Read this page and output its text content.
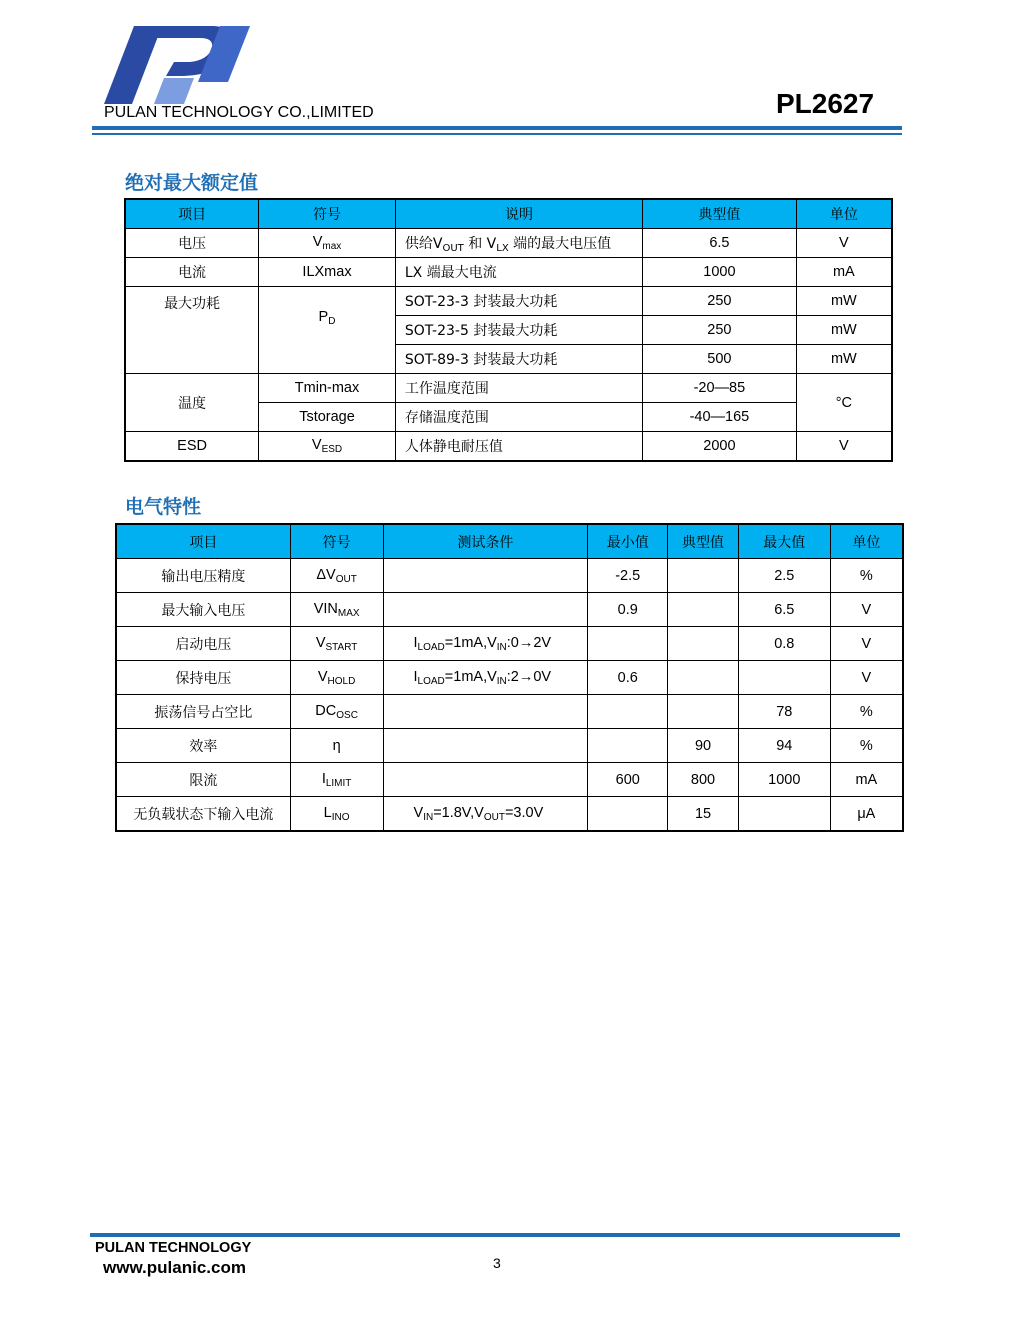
PULAN TECHNOLOGY CO.,LIMITED	PL2627
绝对最大额定值
项目	符号	说明	典型值	单位
电压	$V_{max}$	供给$V_{OUT}$ 和 $V_{LX}$ 端的最大电压值	6.5	V
电流	ILXmax	LX 端最大电流	1000	mA
最大功耗	$P_D$	SOT-23-3 封装最大功耗	250	mW
		SOT-23-5 封装最大功耗	250	mW
		SOT-89-3 封装最大功耗	500	mW
温度	Tmin-max	工作温度范围	-20—85	°C
	Tstorage	存储温度范围	-40—165	
ESD	$V_{ESD}$	人体静电耐压值	2000	V
电气特性
项目	符号	测试条件	最小值	典型值	最大值	单位
输出电压精度	$\Delta V_{OUT}$		-2.5		2.5	%
最大输入电压	$VIN_{MAX}$		0.9		6.5	V
启动电压	$V_{START}$	$I_{LOAD}=1mA,V_{IN}:0\to 2V$			0.8	V
保持电压	$V_{HOLD}$	$I_{LOAD}=1mA,V_{IN}:2\to 0V$	0.6			V
振荡信号占空比	$DC_{OSC}$				78	%
效率	η			90	94	%
限流	$I_{LIMIT}$		600	800	1000	mA
无负载状态下输入电流	$L_{INO}$	$V_{IN}=1.8V,V_{OUT}=3.0V$		15		μA
PULAN TECHNOLOGY
www.pulanic.com	3
